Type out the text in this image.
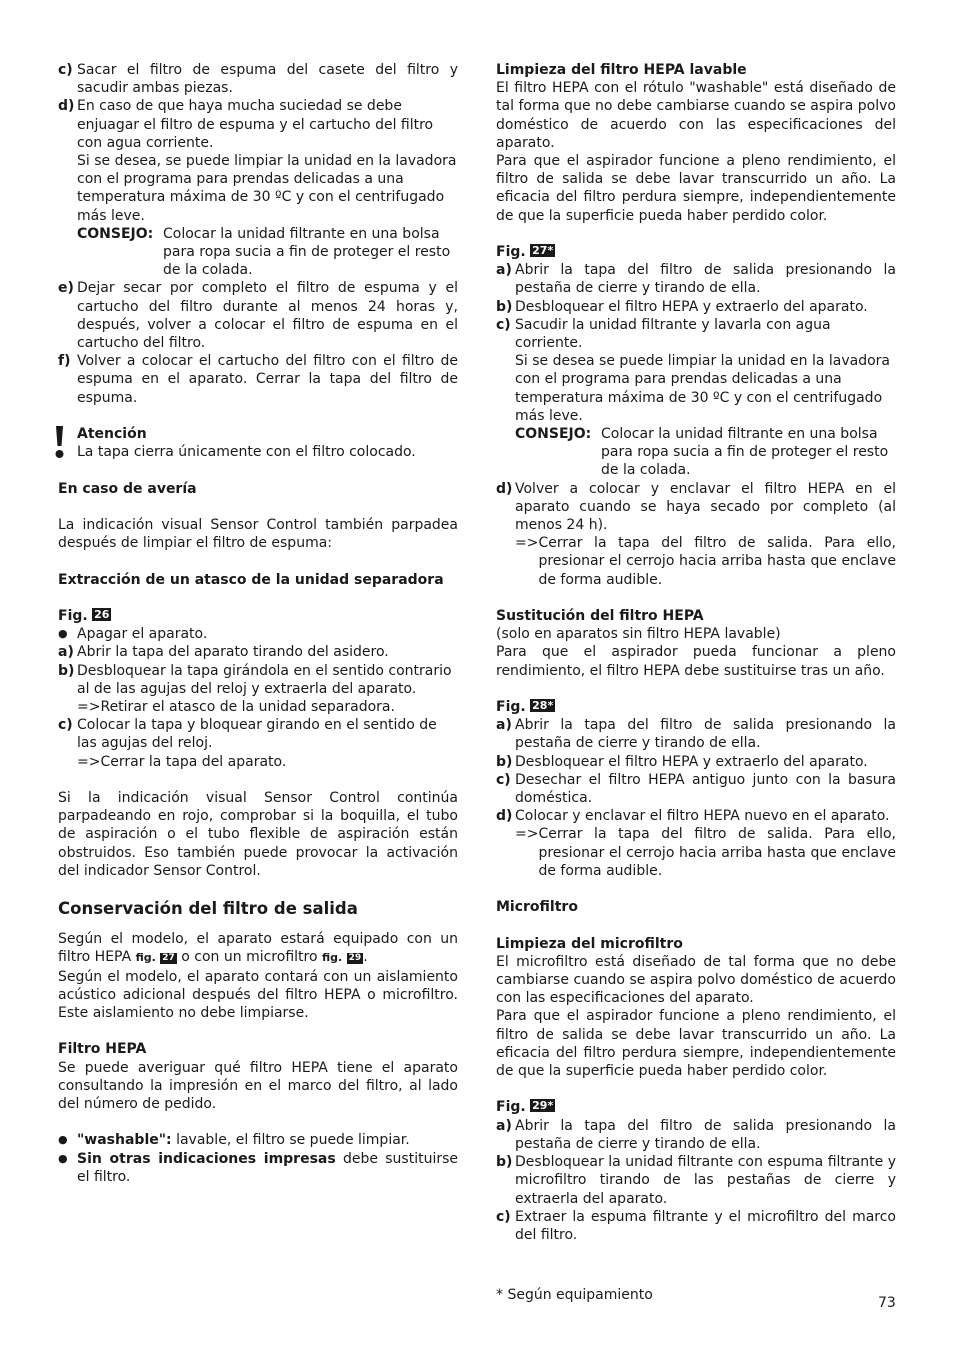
c) Sacar el filtro de espuma del casete del filtro y sacudir ambas piezas.
d) En caso de que haya mucha suciedad se debe enjuagar el filtro de espuma y el cartucho del filtro con agua corriente.

Si se desea, se puede limpiar la unidad en la lavadora con el programa para prendas delicadas a una temperatura máxima de 30 ºC y con el centrifugado más leve.

CONSEJO: Colocar la unidad filtrante en una bolsa para ropa sucia a fin de proteger el resto de la colada.
e) Dejar secar por completo el filtro de espuma y el cartucho del filtro durante al menos 24 horas y, después, volver a colocar el filtro de espuma en el cartucho del filtro.
f) Volver a colocar el cartucho del filtro con el filtro de espuma en el aparato. Cerrar la tapa del filtro de espuma.

Atención

La tapa cierra únicamente con el filtro colocado.

En caso de avería

La indicación visual Sensor Control también parpadea después de limpiar el filtro de espuma:

Extracción de un atasco de la unidad separadora

Fig. 26

● Apagar el aparato.
a) Abrir la tapa del aparato tirando del asidero.
b) Desbloquear la tapa girándola en el sentido contrario al de las agujas del reloj y extraerla del aparato.
=> Retirar el atasco de la unidad separadora.
c) Colocar la tapa y bloquear girando en el sentido de las agujas del reloj.
=> Cerrar la tapa del aparato.

Si la indicación visual Sensor Control continúa parpadeando en rojo, comprobar si la boquilla, el tubo de aspiración o el tubo flexible de aspiración están obstruidos. Eso también puede provocar la activación del indicador Sensor Control.

Conservación del filtro de salida

Según el modelo, el aparato estará equipado con un filtro HEPA fig. 27 o con un microfiltro fig. 29 .

Según el modelo, el aparato contará con un aislamiento acústico adicional después del filtro HEPA o microfiltro. Este aislamiento no debe limpiarse.

Filtro HEPA

Se puede averiguar qué filtro HEPA tiene el aparato consultando la impresión en el marco del filtro, al lado del número de pedido.

● "washable": lavable, el filtro se puede limpiar.
● Sin otras indicaciones impresas debe sustituirse el filtro.

Limpieza del filtro HEPA lavable

El filtro HEPA con el rótulo "washable" está diseñado de tal forma que no debe cambiarse cuando se aspira polvo doméstico de acuerdo con las especificaciones del aparato.

Para que el aspirador funcione a pleno rendimiento, el filtro de salida se debe lavar transcurrido un año. La eficacia del filtro perdura siempre, independientemente de que la superficie pueda haber perdido color.

Fig. 27*

a) Abrir la tapa del filtro de salida presionando la pestaña de cierre y tirando de ella.
b) Desbloquear el filtro HEPA y extraerlo del aparato.
c) Sacudir la unidad filtrante y lavarla con agua corriente.

Si se desea se puede limpiar la unidad en la lavadora con el programa para prendas delicadas a una temperatura máxima de 30 ºC y con el centrifugado más leve.

CONSEJO: Colocar la unidad filtrante en una bolsa para ropa sucia a fin de proteger el resto de la colada.
d) Volver a colocar y enclavar el filtro HEPA en el aparato cuando se haya secado por completo (al menos 24 h).
=> Cerrar la tapa del filtro de salida. Para ello, presionar el cerrojo hacia arriba hasta que enclave de forma audible.

Sustitución del filtro HEPA

(solo en aparatos sin filtro HEPA lavable)

Para que el aspirador pueda funcionar a pleno rendimiento, el filtro HEPA debe sustituirse tras un año.

Fig. 28*

a) Abrir la tapa del filtro de salida presionando la pestaña de cierre y tirando de ella.
b) Desbloquear el filtro HEPA y extraerlo del aparato.
c) Desechar el filtro HEPA antiguo junto con la basura doméstica.
d) Colocar y enclavar el filtro HEPA nuevo en el aparato.
=> Cerrar la tapa del filtro de salida. Para ello, presionar el cerrojo hacia arriba hasta que enclave de forma audible.

Microfiltro

Limpieza del microfiltro

El microfiltro está diseñado de tal forma que no debe cambiarse cuando se aspira polvo doméstico de acuerdo con las especificaciones del aparato.

Para que el aspirador funcione a pleno rendimiento, el filtro de salida se debe lavar transcurrido un año. La eficacia del filtro perdura siempre, independientemente de que la superficie pueda haber perdido color.

Fig. 29*

a) Abrir la tapa del filtro de salida presionando la pestaña de cierre y tirando de ella.
b) Desbloquear la unidad filtrante con espuma filtrante y microfiltro tirando de las pestañas de cierre y extraerla del aparato.
c) Extraer la espuma filtrante y el microfiltro del marco del filtro.

* Según equipamiento	73
